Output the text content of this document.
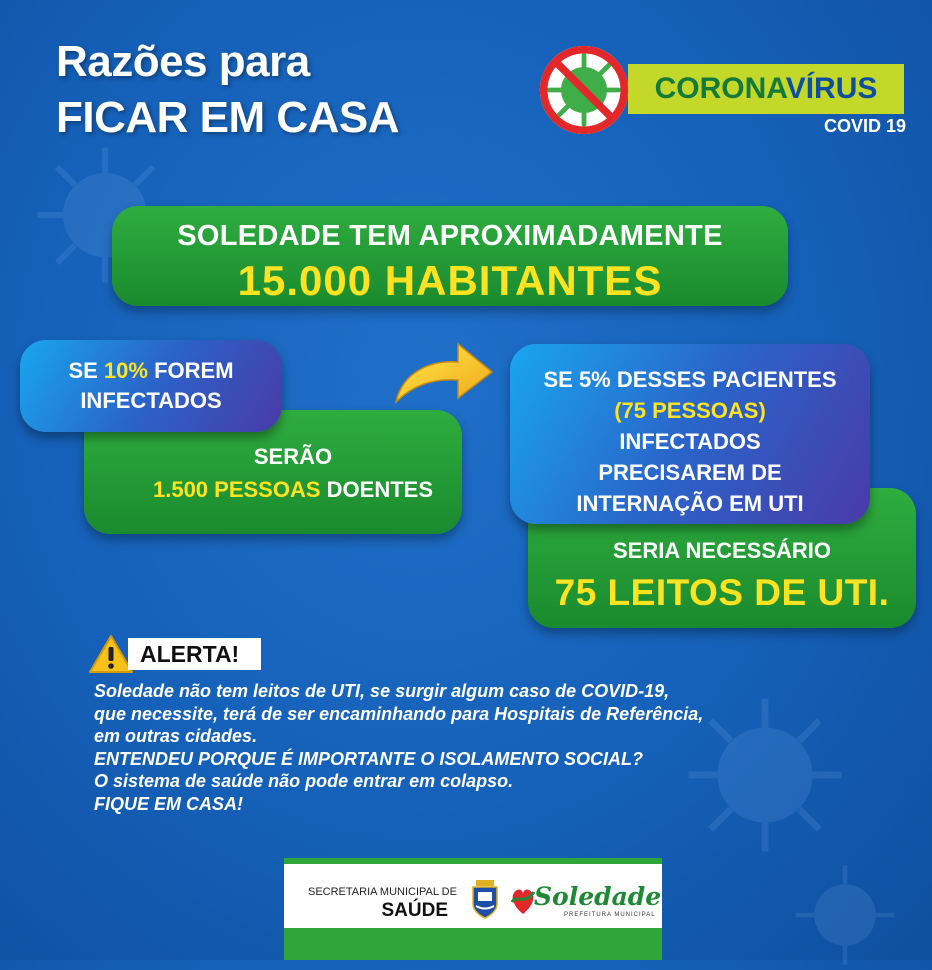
Razões para
FICAR EM CASA
CORONAVÍRUS
COVID 19
SOLEDADE TEM APROXIMADAMENTE
15.000 HABITANTES
SERÃO
1.500 PESSOAS DOENTES
SE 10% FOREM
INFECTADOS
SERIA NECESSÁRIO
75 LEITOS DE UTI.
SE 5% DESSES PACIENTES
(75 PESSOAS)
INFECTADOS
PRECISAREM DE
INTERNAÇÃO EM UTI
ALERTA!
Soledade não tem leitos de UTI, se surgir algum caso de COVID-19,
que necessite, terá de ser encaminhando para Hospitais de Referência,
em outras cidades.
ENTENDEU PORQUE É IMPORTANTE O ISOLAMENTO SOCIAL?
O sistema de saúde não pode entrar em colapso.
FIQUE EM CASA!
SECRETARIA MUNICIPAL DE
SAÚDE	Soledade
PREFEITURA MUNICIPAL
